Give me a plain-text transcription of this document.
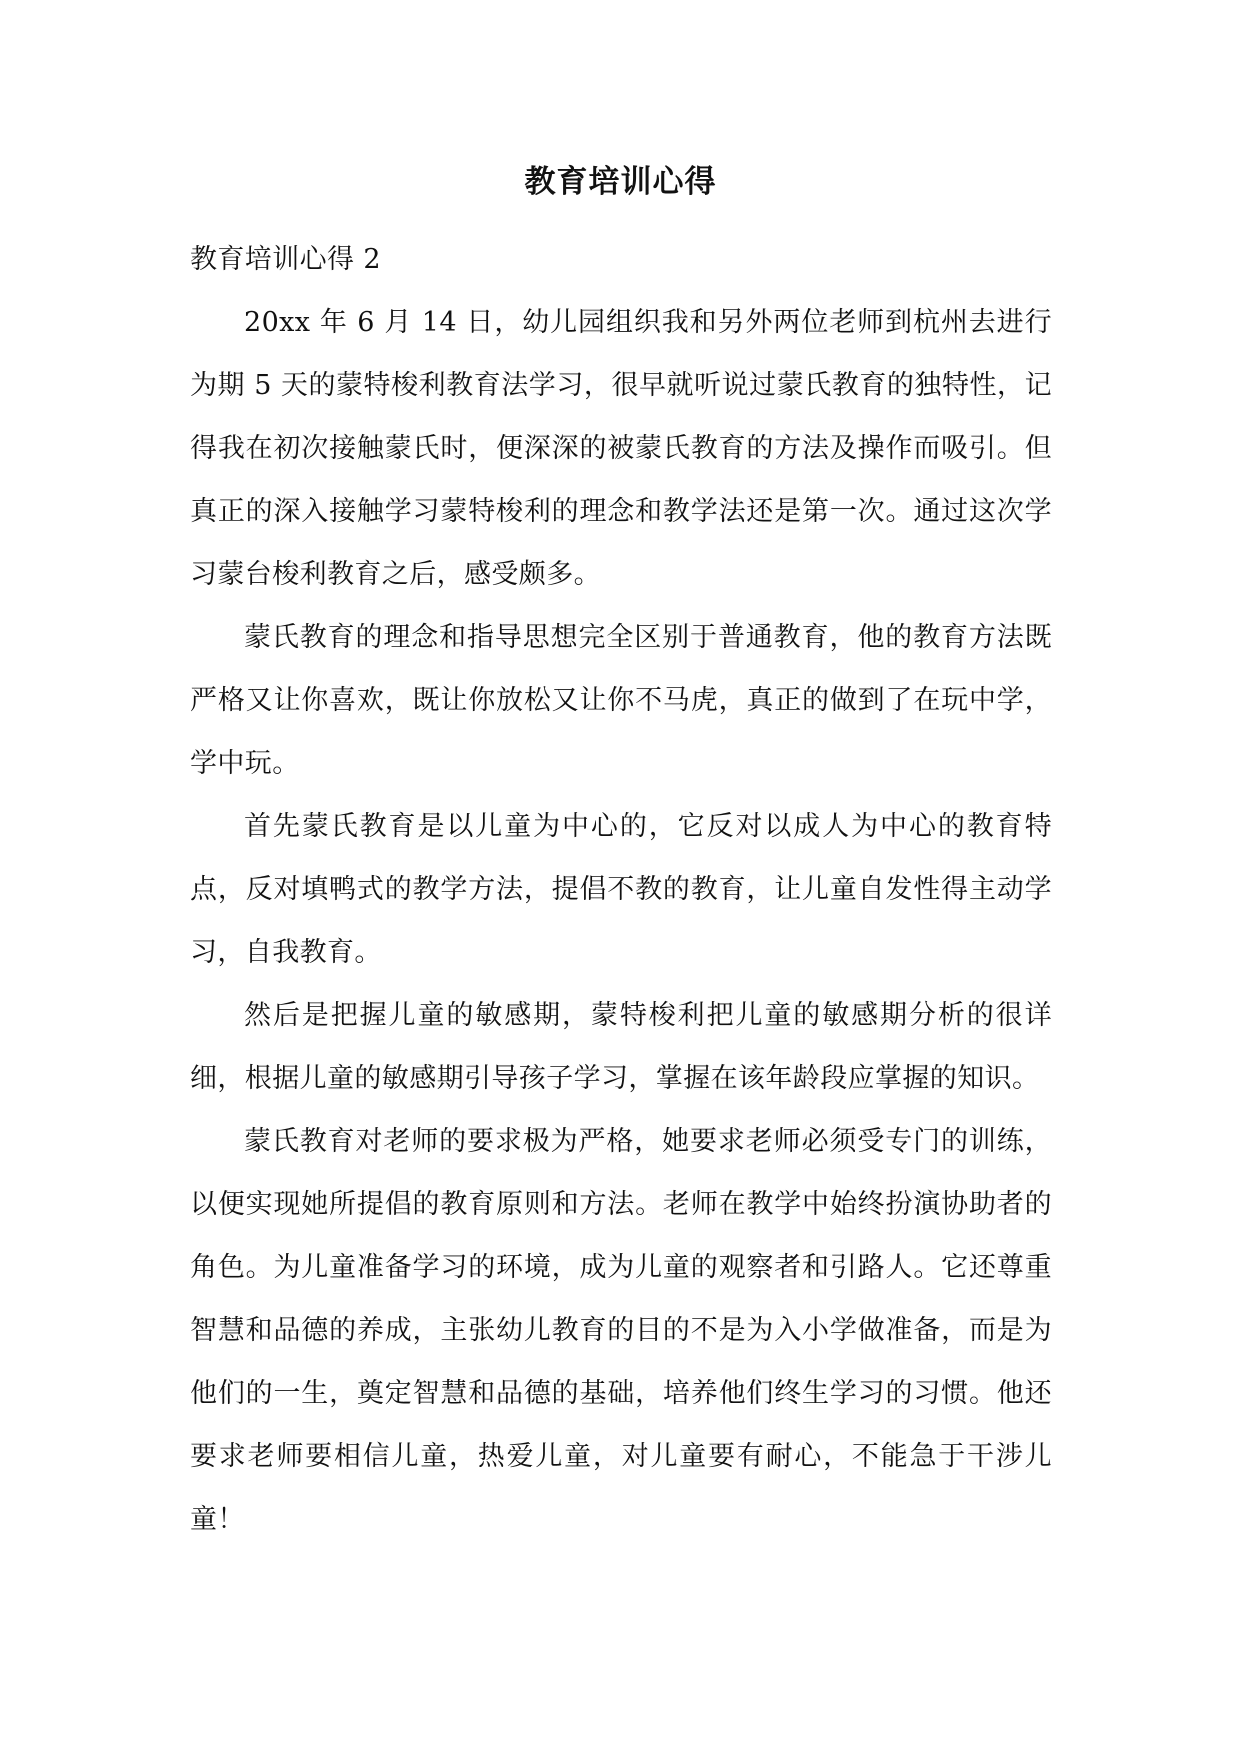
教育培训心得

教育培训心得 2

20xx 年 6 月 14 日，幼儿园组织我和另外两位老师到杭州去进行为期 5 天的蒙特梭利教育法学习，很早就听说过蒙氏教育的独特性，记得我在初次接触蒙氏时，便深深的被蒙氏教育的方法及操作而吸引。但真正的深入接触学习蒙特梭利的理念和教学法还是第一次。通过这次学习蒙台梭利教育之后，感受颇多。

蒙氏教育的理念和指导思想完全区别于普通教育，他的教育方法既严格又让你喜欢，既让你放松又让你不马虎，真正的做到了在玩中学，学中玩。

首先蒙氏教育是以儿童为中心的，它反对以成人为中心的教育特点，反对填鸭式的教学方法，提倡不教的教育，让儿童自发性得主动学习，自我教育。

然后是把握儿童的敏感期，蒙特梭利把儿童的敏感期分析的很详细，根据儿童的敏感期引导孩子学习，掌握在该年龄段应掌握的知识。

蒙氏教育对老师的要求极为严格，她要求老师必须受专门的训练，以便实现她所提倡的教育原则和方法。老师在教学中始终扮演协助者的角色。为儿童准备学习的环境，成为儿童的观察者和引路人。它还尊重智慧和品德的养成，主张幼儿教育的目的不是为入小学做准备，而是为他们的一生，奠定智慧和品德的基础，培养他们终生学习的习惯。他还要求老师要相信儿童，热爱儿童，对儿童要有耐心，不能急于干涉儿童！
